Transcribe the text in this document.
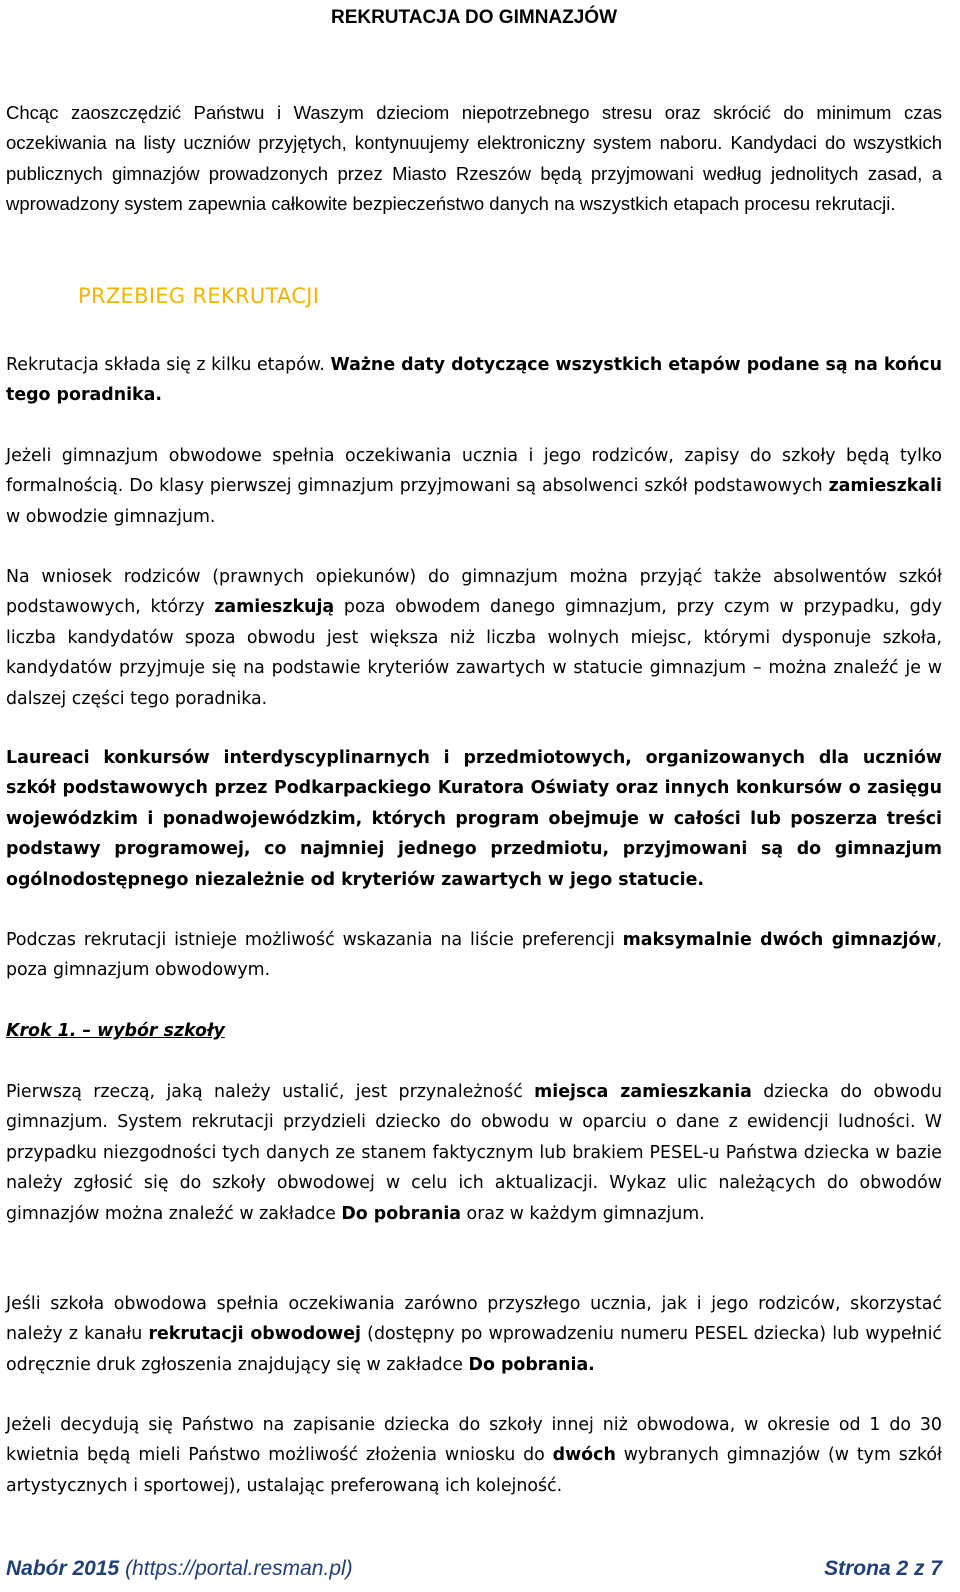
REKRUTACJA DO GIMNAZJÓW

Chcąc zaoszczędzić Państwu i Waszym dzieciom niepotrzebnego stresu oraz skrócić do minimum czas oczekiwania na listy uczniów przyjętych, kontynuujemy elektroniczny system naboru. Kandydaci do wszystkich publicznych gimnazjów prowadzonych przez Miasto Rzeszów będą przyjmowani według jednolitych zasad, a wprowadzony system zapewnia całkowite bezpieczeństwo danych na wszystkich etapach procesu rekrutacji.

PRZEBIEG REKRUTACJI

Rekrutacja składa się z kilku etapów. Ważne daty dotyczące wszystkich etapów podane są na końcu tego poradnika.

Jeżeli gimnazjum obwodowe spełnia oczekiwania ucznia i jego rodziców, zapisy do szkoły będą tylko formalnością. Do klasy pierwszej gimnazjum przyjmowani są absolwenci szkół podstawowych zamieszkali w obwodzie gimnazjum.

Na wniosek rodziców (prawnych opiekunów) do gimnazjum można przyjąć także absolwentów szkół podstawowych, którzy zamieszkują poza obwodem danego gimnazjum, przy czym w przypadku, gdy liczba kandydatów spoza obwodu jest większa niż liczba wolnych miejsc, którymi dysponuje szkoła, kandydatów przyjmuje się na podstawie kryteriów zawartych w statucie gimnazjum – można znaleźć je w dalszej części tego poradnika.

Laureaci konkursów interdyscyplinarnych i przedmiotowych, organizowanych dla uczniów szkół podstawowych przez Podkarpackiego Kuratora Oświaty oraz innych konkursów o zasięgu wojewódzkim i ponadwojewódzkim, których program obejmuje w całości lub poszerza treści podstawy programowej, co najmniej jednego przedmiotu, przyjmowani są do gimnazjum ogólnodostępnego niezależnie od kryteriów zawartych w jego statucie.

Podczas rekrutacji istnieje możliwość wskazania na liście preferencji maksymalnie dwóch gimnazjów, poza gimnazjum obwodowym.

Krok 1. – wybór szkoły

Pierwszą rzeczą, jaką należy ustalić, jest przynależność miejsca zamieszkania dziecka do obwodu gimnazjum. System rekrutacji przydzieli dziecko do obwodu w oparciu o dane z ewidencji ludności. W przypadku niezgodności tych danych ze stanem faktycznym lub brakiem PESEL-u Państwa dziecka w bazie należy zgłosić się do szkoły obwodowej w celu ich aktualizacji. Wykaz ulic należących do obwodów gimnazjów można znaleźć w zakładce Do pobrania oraz w każdym gimnazjum.

Jeśli szkoła obwodowa spełnia oczekiwania zarówno przyszłego ucznia, jak i jego rodziców, skorzystać należy z kanału rekrutacji obwodowej (dostępny po wprowadzeniu numeru PESEL dziecka) lub wypełnić odręcznie druk zgłoszenia znajdujący się w zakładce Do pobrania.

Jeżeli decydują się Państwo na zapisanie dziecka do szkoły innej niż obwodowa, w okresie od 1 do 30 kwietnia będą mieli Państwo możliwość złożenia wniosku do dwóch wybranych gimnazjów (w tym szkół artystycznych i sportowej), ustalając preferowaną ich kolejność.

Nabór 2015 (https://portal.resman.pl)	Strona 2 z 7
